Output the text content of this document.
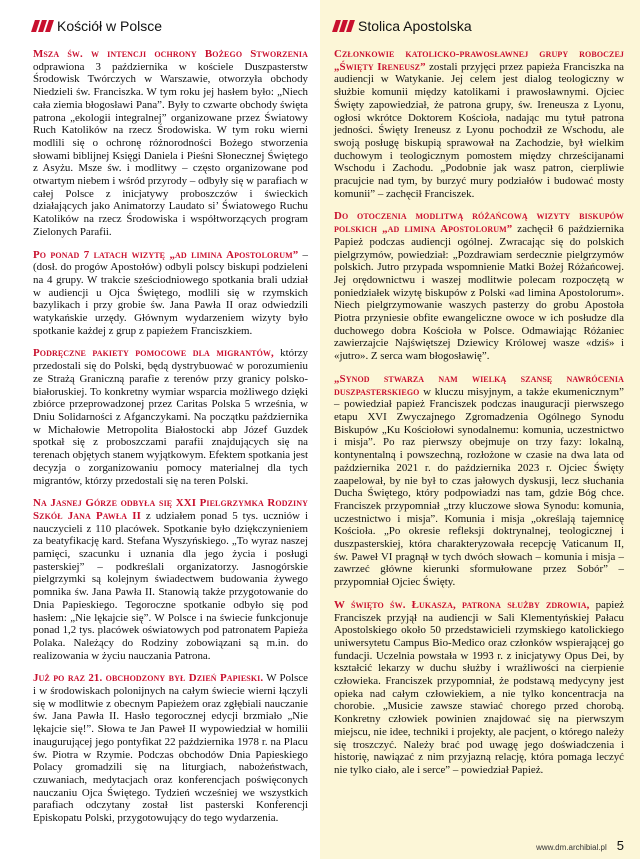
Kościół w Polsce

Msza św. w intencji ochrony Bożego Stworzenia odprawiona 3 października w kościele Duszpasterstw Środowisk Twórczych w Warszawie, otworzyła obchody Niedzieli św. Franciszka. W tym roku jej hasłem było: „Niech cała ziemia błogosławi Pana”. Były to czwarte obchody święta patrona „ekologii integralnej” organizowane przez Światowy Ruch Katolików na rzecz Środowiska. W tym roku wierni modlili się o ochronę różnorodności Bożego stworzenia słowami biblijnej Księgi Daniela i Pieśni Słonecznej Świętego z Asyżu. Msze św. i modlitwy – często organizowane pod otwartym niebem i wśród przyrody – odbyły się w parafiach w całej Polsce z inicjatywy proboszczów i świeckich działających jako Animatorzy Laudato si’ Światowego Ruchu Katolików na rzecz Środowiska i współtworzących program Zielonych Parafii.

Po ponad 7 latach wizytę „ad limina Apostolorum” – (dosł. do progów Apostołów) odbyli polscy biskupi podzieleni na 4 grupy. W trakcie sześciodniowego spotkania brali udział w audiencji u Ojca Świętego, modlili się w rzymskich bazylikach i przy grobie św. Jana Pawła II oraz odwiedzili watykańskie urzędy. Głównym wydarzeniem wizyty było spotkanie każdej z grup z papieżem Franciszkiem.

Podręczne pakiety pomocowe dla migrantów, którzy przedostali się do Polski, będą dystrybuować w porozumieniu ze Strażą Graniczną parafie z terenów przy granicy polsko-białoruskiej. To konkretny wymiar wsparcia możliwego dzięki zbiórce przeprowadzonej przez Caritas Polska 5 września, w Dniu Solidarności z Afganczykami. Na początku października w Michałowie Metropolita Białostocki abp Józef Guzdek spotkał się z proboszczami parafii znajdujących się na terenach objętych stanem wyjątkowym. Efektem spotkania jest decyzja o zorganizowaniu pomocy materialnej dla tych migrantów, którzy przedostali się na teren Polski.

Na Jasnej Górze odbyła się XXI Pielgrzymka Rodziny Szkół Jana Pawła II z udziałem ponad 5 tys. uczniów i nauczycieli z 110 placówek. Spotkanie było dziękczynieniem za beatyfikację kard. Stefana Wyszyńskiego. „To wyraz naszej pamięci, szacunku i uznania dla jego życia i posługi pasterskiej” – podkreślali organizatorzy. Jasnogórskie pielgrzymki są kolejnym świadectwem budowania żywego pomnika św. Jana Pawła II. Stanowią także przygotowanie do Dnia Papieskiego. Tegoroczne spotkanie odbyło się pod hasłem: „Nie lękajcie się”. W Polsce i na świecie funkcjonuje ponad 1,2 tys. placówek oświatowych pod patronatem Papieża Polaka. Należący do Rodziny zobowiązani są m.in. do realizowania w życiu nauczania Patrona.

Już po raz 21. obchodzony był Dzień Papieski. W Polsce i w środowiskach polonijnych na całym świecie wierni łączyli się w modlitwie z obecnym Papieżem oraz zgłębiali nauczanie św. Jana Pawła II. Hasło tegorocznej edycji brzmiało „Nie lękajcie się!”. Słowa te Jan Paweł II wypowiedział w homilii inaugurującej jego pontyfikat 22 października 1978 r. na Placu św. Piotra w Rzymie. Podczas obchodów Dnia Papieskiego Polacy gromadzili się na liturgiach, nabożeństwach, czuwaniach, medytacjach oraz konferencjach poświęconych nauczaniu Ojca Świętego. Tydzień wcześniej we wszystkich parafiach odczytany został list pasterski Konferencji Episkopatu Polski, przygotowujący do tego wydarzenia.

Stolica Apostolska

Członkowie katolicko-prawosławnej grupy roboczej „Święty Ireneusz” zostali przyjęci przez papieża Franciszka na audiencji w Watykanie. Jej celem jest dialog teologiczny w służbie komunii między katolikami i prawosławnymi. Ojciec Święty zapowiedział, że patrona grupy, św. Ireneusza z Lyonu, ogłosi wkrótce Doktorem Kościoła, nadając mu tytuł patrona jedności. Święty Ireneusz z Lyonu pochodził ze Wschodu, ale swoją posługę biskupią sprawował na Zachodzie, był wielkim duchowym i teologicznym pomostem między chrześcijanami Wschodu i Zachodu. „Podobnie jak wasz patron, cierpliwie pracujcie nad tym, by burzyć mury podziałów i budować mosty komunii” – zachęcił Franciszek.

Do otoczenia modlitwą różańcową wizyty biskupów polskich „ad limina Apostolorum” zachęcił 6 października Papież podczas audiencji ogólnej. Zwracając się do polskich pielgrzymów, powiedział: „Pozdrawiam serdecznie pielgrzymów polskich. Jutro przypada wspomnienie Matki Bożej Różańcowej. Jej orędownictwu i waszej modlitwie polecam rozpoczętą w poniedziałek wizytę biskupów z Polski «ad limina Apostolorum». Niech pielgrzymowanie waszych pasterzy do grobu Apostoła Piotra przyniesie obfite ewangeliczne owoce w ich posłudze dla duchowego dobra Kościoła w Polsce. Odmawiając Różaniec zawierzajcie Najświętszej Dziewicy Królowej wasze «dziś» i «jutro». Z serca wam błogosławię”.

„Synod stwarza nam wielką szansę nawrócenia duszpasterskiego w kluczu misyjnym, a także ekumenicznym” – powiedział papież Franciszek podczas inauguracji pierwszego etapu XVI Zwyczajnego Zgromadzenia Ogólnego Synodu Biskupów „Ku Kościołowi synodalnemu: komunia, uczestnictwo i misja”. Po raz pierwszy obejmuje on trzy fazy: lokalną, kontynentalną i powszechną, rozłożone w czasie na dwa lata od października 2021 r. do października 2023 r. Ojciec Święty zaapelował, by nie był to czas jałowych dyskusji, lecz słuchania Ducha Świętego, który podpowiadzi nas tam, gdzie Bóg chce. Franciszek przypomniał „trzy kluczowe słowa Synodu: komunia, uczestnictwo i misja”. Komunia i misja „określają tajemnicę Kościoła. „Po okresie refleksji doktrynalnej, teologicznej i duszpasterskiej, która charakteryzowała recepcję Vaticanum II, św. Paweł VI pragnął w tych dwóch słowach – komunia i misja – zawrzeć główne kierunki sformułowane przez Sobór” – przypomniał Ojciec Święty.

W święto św. Łukasza, patrona służby zdrowia, papież Franciszek przyjął na audiencji w Sali Klementyńskiej Pałacu Apostolskiego około 50 przedstawicieli rzymskiego katolickiego uniwersytetu Campus Bio-Medico oraz członków wspierającej go fundacji. Uczelnia powstała w 1993 r. z inicjatywy Opus Dei, by kształcić lekarzy w duchu służby i wrażliwości na cierpienie człowieka. Franciszek przypomniał, że podstawą medycyny jest opieka nad całym człowiekiem, a nie tylko koncentracja na chorobie. „Musicie zawsze stawiać chorego przed chorobą. Konkretny człowiek powinien znajdować się na pierwszym miejscu, nie idee, techniki i projekty, ale pacjent, o którego należy się troszczyć. Należy brać pod uwagę jego doświadczenia i historię, nawiązać z nim przyjazną relację, która pomaga leczyć nie tylko ciało, ale i serce” – powiedział Papież.

www.dm.archibial.pl 5
